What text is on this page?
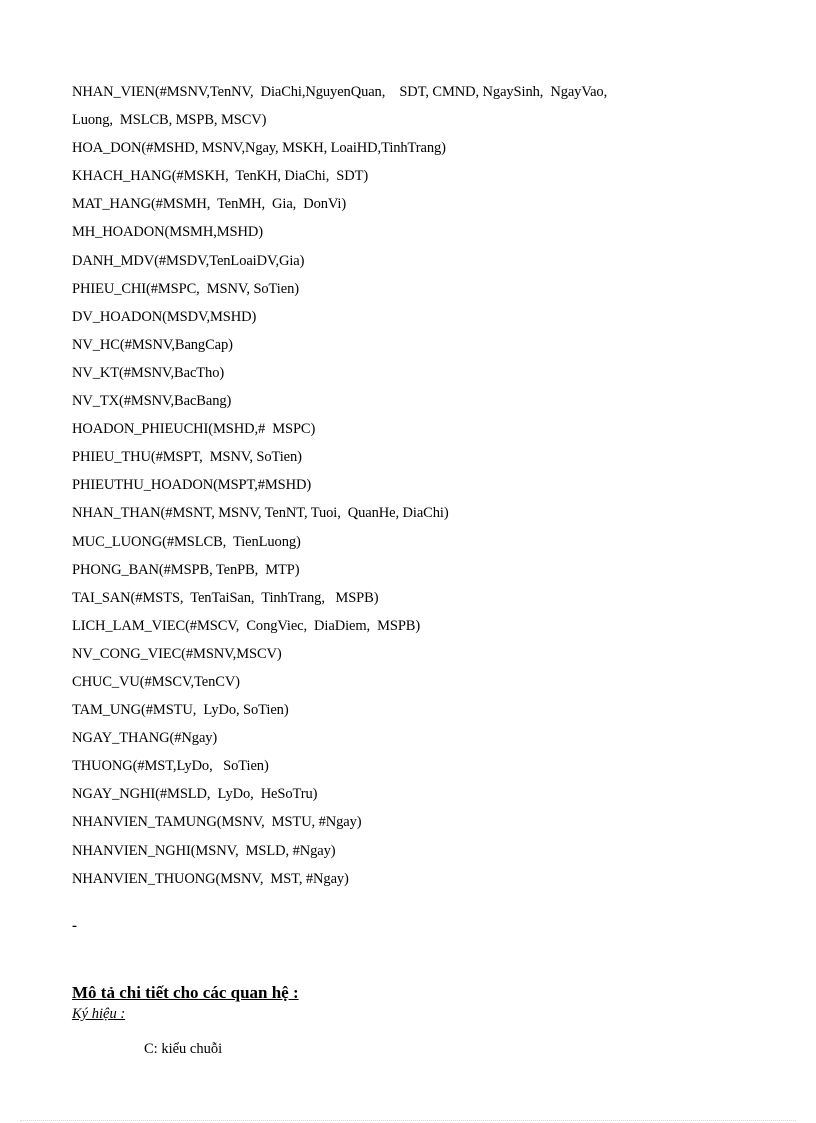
NHAN_VIEN(#MSNV,TenNV,  DiaChi,NguyenQuan,    SDT, CMND, NgaySinh,  NgayVao,
Luong,  MSLCB, MSPB, MSCV)
HOA_DON(#MSHD, MSNV,Ngay, MSKH, LoaiHD,TinhTrang)
KHACH_HANG(#MSKH,  TenKH, DiaChi,  SDT)
MAT_HANG(#MSMH,  TenMH,  Gia,  DonVi)
MH_HOADON(MSMH,MSHD)
DANH_MDV(#MSDV,TenLoaiDV,Gia)
PHIEU_CHI(#MSPC,  MSNV, SoTien)
DV_HOADON(MSDV,MSHD)
NV_HC(#MSNV,BangCap)
NV_KT(#MSNV,BacTho)
NV_TX(#MSNV,BacBang)
HOADON_PHIEUCHI(MSHD,#  MSPC)
PHIEU_THU(#MSPT,  MSNV, SoTien)
PHIEUTHU_HOADON(MSPT,#MSHD)
NHAN_THAN(#MSNT, MSNV, TenNT, Tuoi,  QuanHe, DiaChi)
MUC_LUONG(#MSLCB,  TienLuong)
PHONG_BAN(#MSPB, TenPB,  MTP)
TAI_SAN(#MSTS,  TenTaiSan,  TinhTrang,   MSPB)
LICH_LAM_VIEC(#MSCV,  CongViec,  DiaDiem,  MSPB)
NV_CONG_VIEC(#MSNV,MSCV)
CHUC_VU(#MSCV,TenCV)
TAM_UNG(#MSTU,  LyDo, SoTien)
NGAY_THANG(#Ngay)
THUONG(#MST,LyDo,   SoTien)
NGAY_NGHI(#MSLD,  LyDo,  HeSoTru)
NHANVIEN_TAMUNG(MSNV,  MSTU, #Ngay)
NHANVIEN_NGHI(MSNV,  MSLD, #Ngay)
NHANVIEN_THUONG(MSNV,  MST, #Ngay)
-
Mô tả chi tiết cho các quan hệ :
Ký hiệu :
C: kiểu chuỗi
